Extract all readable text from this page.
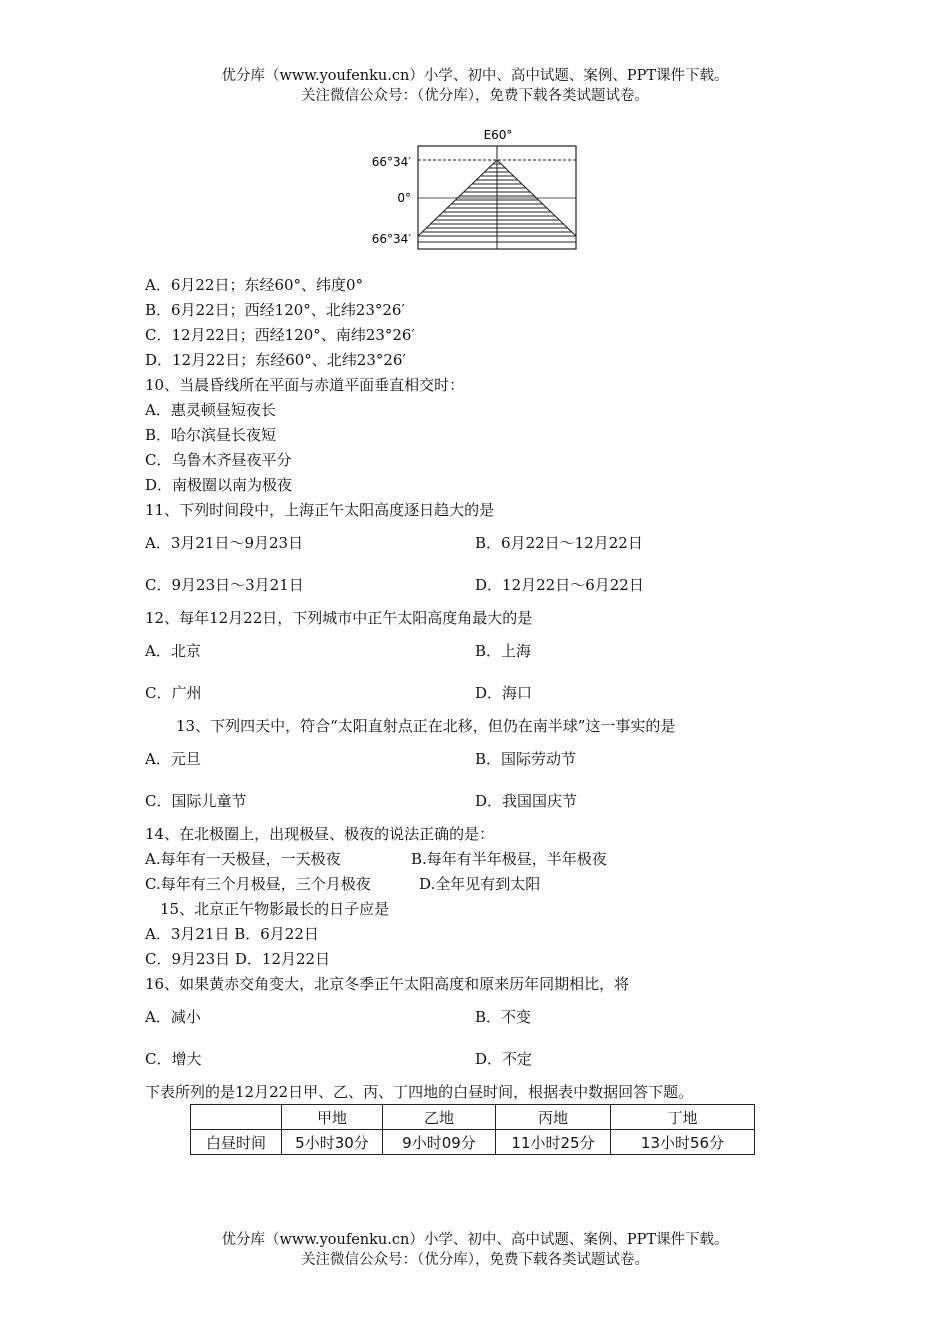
优分库（www.youfenku.cn）小学、初中、高中试题、案例、PPT课件下载。
关注微信公众号：（优分库），免费下载各类试题试卷。
E60°
66°34′
0°
66°34′
A．6月22日；东经60°、纬度0°
B．6月22日；西经120°、北纬23°26′
C．12月22日；西经120°、南纬23°26′
D．12月22日；东经60°、北纬23°26′
10、当晨昏线所在平面与赤道平面垂直相交时：
A．惠灵顿昼短夜长
B．哈尔滨昼长夜短
C．乌鲁木齐昼夜平分
D．南极圈以南为极夜
11、下列时间段中，上海正午太阳高度逐日趋大的是
A．3月21日～9月23日	B．6月22日～12月22日
C．9月23日～3月21日	D．12月22日～6月22日
12、每年12月22日，下列城市中正午太阳高度角最大的是
A．北京	B．上海
C．广州	D．海口
13、下列四天中，符合“太阳直射点正在北移，但仍在南半球”这一事实的是
A．元旦	B．国际劳动节
C．国际儿童节	D．我国国庆节
14、在北极圈上，出现极昼、极夜的说法正确的是：
A.每年有一天极昼，一天极夜	B.每年有半年极昼，半年极夜
C.每年有三个月极昼，三个月极夜	D.全年见有到太阳
15、北京正午物影最长的日子应是
A．3月21日 B．6月22日
C．9月23日 D．12月22日
16、如果黄赤交角变大，北京冬季正午太阳高度和原来历年同期相比，将
A．减小	B．不变
C．增大	D．不定
下表所列的是12月22日甲、乙、丙、丁四地的白昼时间，根据表中数据回答下题。
	甲地	乙地	丙地	丁地
白昼时间	5小时30分	9小时09分	11小时25分	13小时56分
优分库（www.youfenku.cn）小学、初中、高中试题、案例、PPT课件下载。
关注微信公众号：（优分库），免费下载各类试题试卷。
